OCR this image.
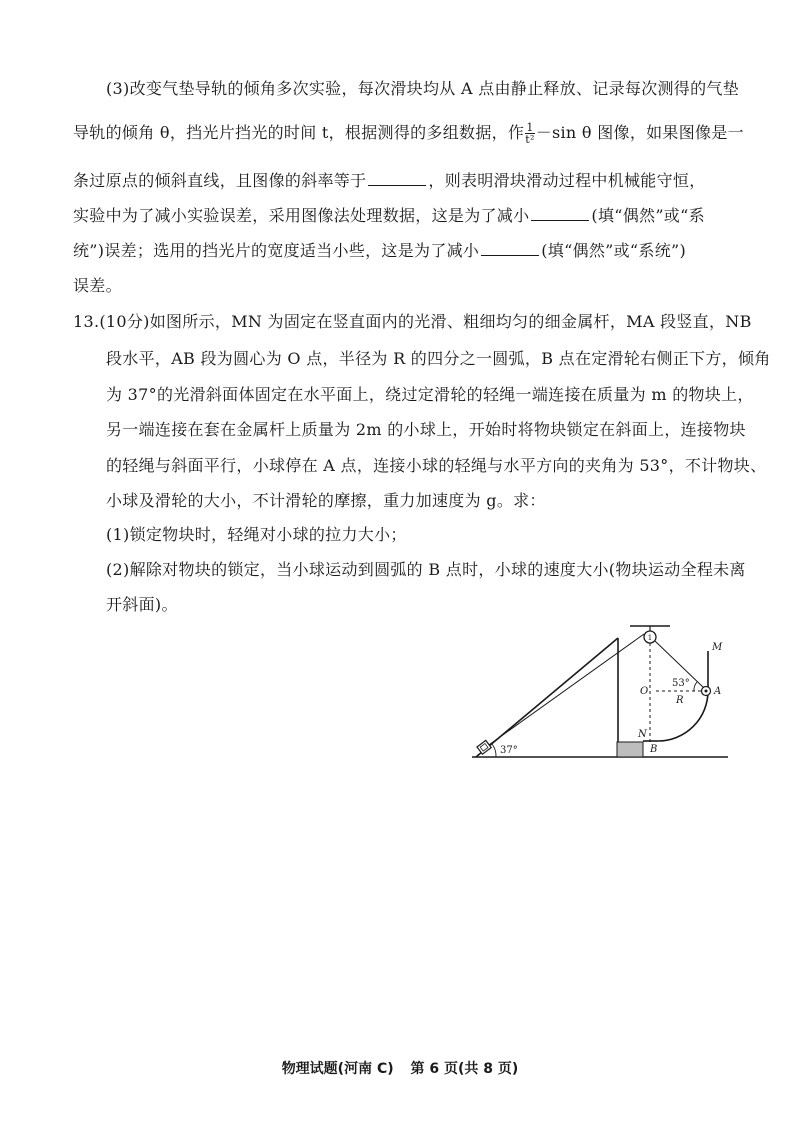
(3)改变气垫导轨的倾角多次实验，每次滑块均从 A 点由静止释放、记录每次测得的气垫
导轨的倾角 θ，挡光片挡光的时间 t，根据测得的多组数据，作 $\frac{1}{\text{t²}} -\sin$ θ 图像，如果图像是一
条过原点的倾斜直线，且图像的斜率等于	，则表明滑块滑动过程中机械能守恒，
实验中为了减小实验误差，采用图像法处理数据，这是为了减小	(填“偶然”或“系
统”)误差；选用的挡光片的宽度适当小些，这是为了减小	(填“偶然”或“系统”)
误差。
13.(10分)如图所示，MN 为固定在竖直面内的光滑、粗细均匀的细金属杆，MA 段竖直，NB
段水平，AB 段为圆心为 O 点，半径为 R 的四分之一圆弧，B 点在定滑轮右侧正下方，倾角
为 37°的光滑斜面体固定在水平面上，绕过定滑轮的轻绳一端连接在质量为 m 的物块上，
另一端连接在套在金属杆上质量为 2m 的小球上，开始时将物块锁定在斜面上，连接物块
的轻绳与斜面平行，小球停在 A 点，连接小球的轻绳与水平方向的夹角为 53°，不计物块、
小球及滑轮的大小，不计滑轮的摩擦，重力加速度为 g。求：
(1)锁定物块时，轻绳对小球的拉力大小；
(2)解除对物块的锁定，当小球运动到圆弧的 B 点时，小球的速度大小(物块运动全程未离
开斜面)。
1
37°
53°
M
O	A
R
N
B
物理试题(河南 C) 第 6 页(共 8 页)
